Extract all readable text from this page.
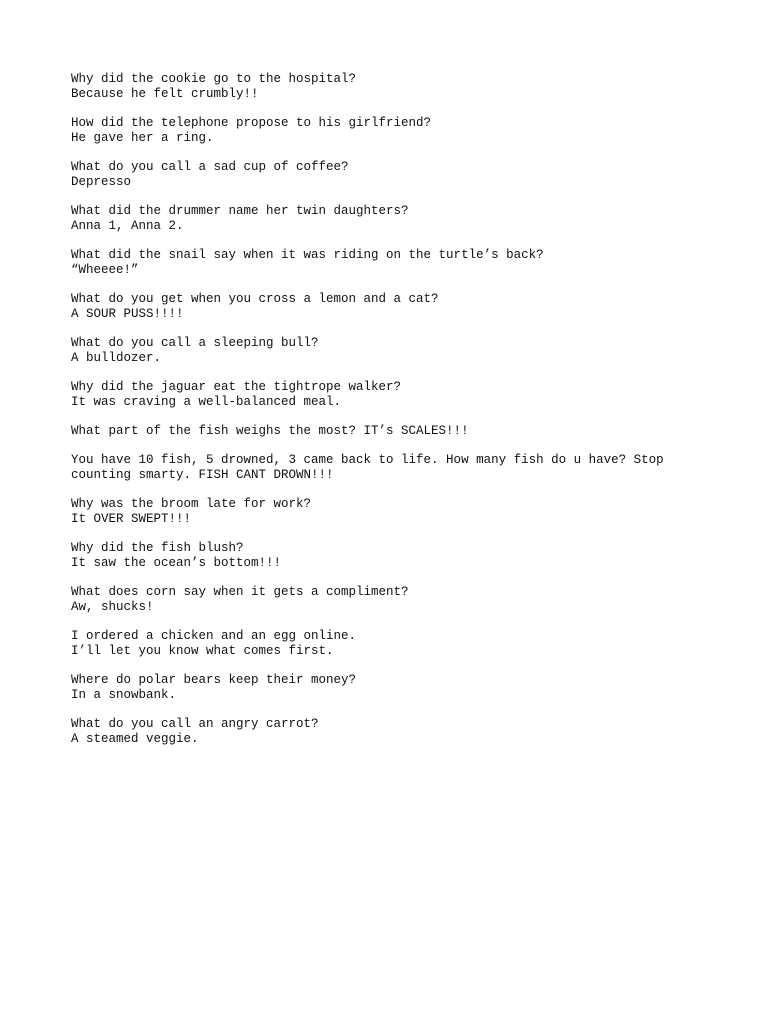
Why did the cookie go to the hospital?

Because he felt crumbly!!

How did the telephone propose to his girlfriend?

He gave her a ring.

What do you call a sad cup of coffee?

Depresso

What did the drummer name her twin daughters?

Anna 1, Anna 2.

What did the snail say when it was riding on the turtle’s back?

“Wheeee!”

What do you get when you cross a lemon and a cat?

A SOUR PUSS!!!!

What do you call a sleeping bull?

A bulldozer.

Why did the jaguar eat the tightrope walker?

It was craving a well-balanced meal.

What part of the fish weighs the most? IT’s SCALES!!!

You have 10 fish, 5 drowned, 3 came back to life. How many fish do u have? Stop

counting smarty. FISH CANT DROWN!!!

Why was the broom late for work?

It OVER SWEPT!!!

Why did the fish blush?

It saw the ocean’s bottom!!!

What does corn say when it gets a compliment?

Aw, shucks!

I ordered a chicken and an egg online.

I’ll let you know what comes first.

Where do polar bears keep their money?

In a snowbank.

What do you call an angry carrot?

A steamed veggie.
